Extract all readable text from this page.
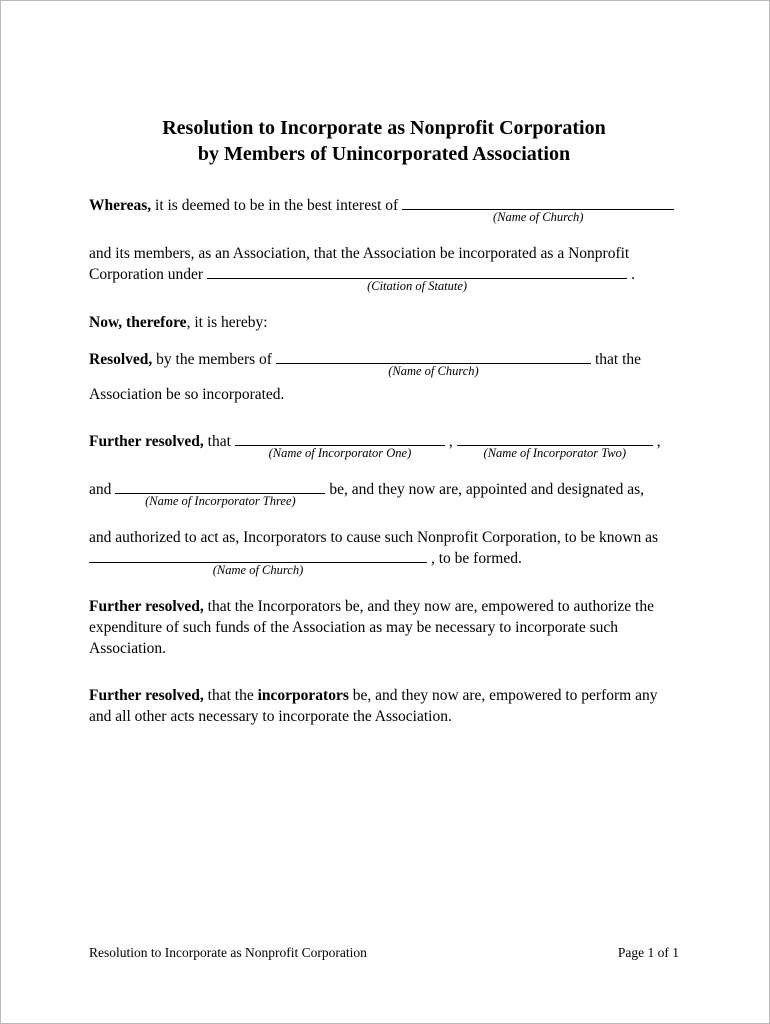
Resolution to Incorporate as Nonprofit Corporation
by Members of Unincorporated Association

Whereas, it is deemed to be in the best interest of
(Name of Church)

and its members, as an Association, that the Association be incorporated as a Nonprofit
Corporation under
(Citation of Statute)
.

Now, therefore, it is hereby:

Resolved, by the members of
(Name of Church)
that the
Association be so incorporated.

Further resolved, that
(Name of Incorporator One)
,
(Name of Incorporator Two)
,

and
(Name of Incorporator Three)
be, and they now are, appointed and designated as,

and authorized to act as, Incorporators to cause such Nonprofit Corporation, to be known as
(Name of Church)
, to be formed.

Further resolved, that the Incorporators be, and they now are, empowered to authorize the expenditure of such funds of the Association as may be necessary to incorporate such Association.

Further resolved, that the incorporators be, and they now are, empowered to perform any and all other acts necessary to incorporate the Association.

Resolution to Incorporate as Nonprofit Corporation	Page 1 of 1
